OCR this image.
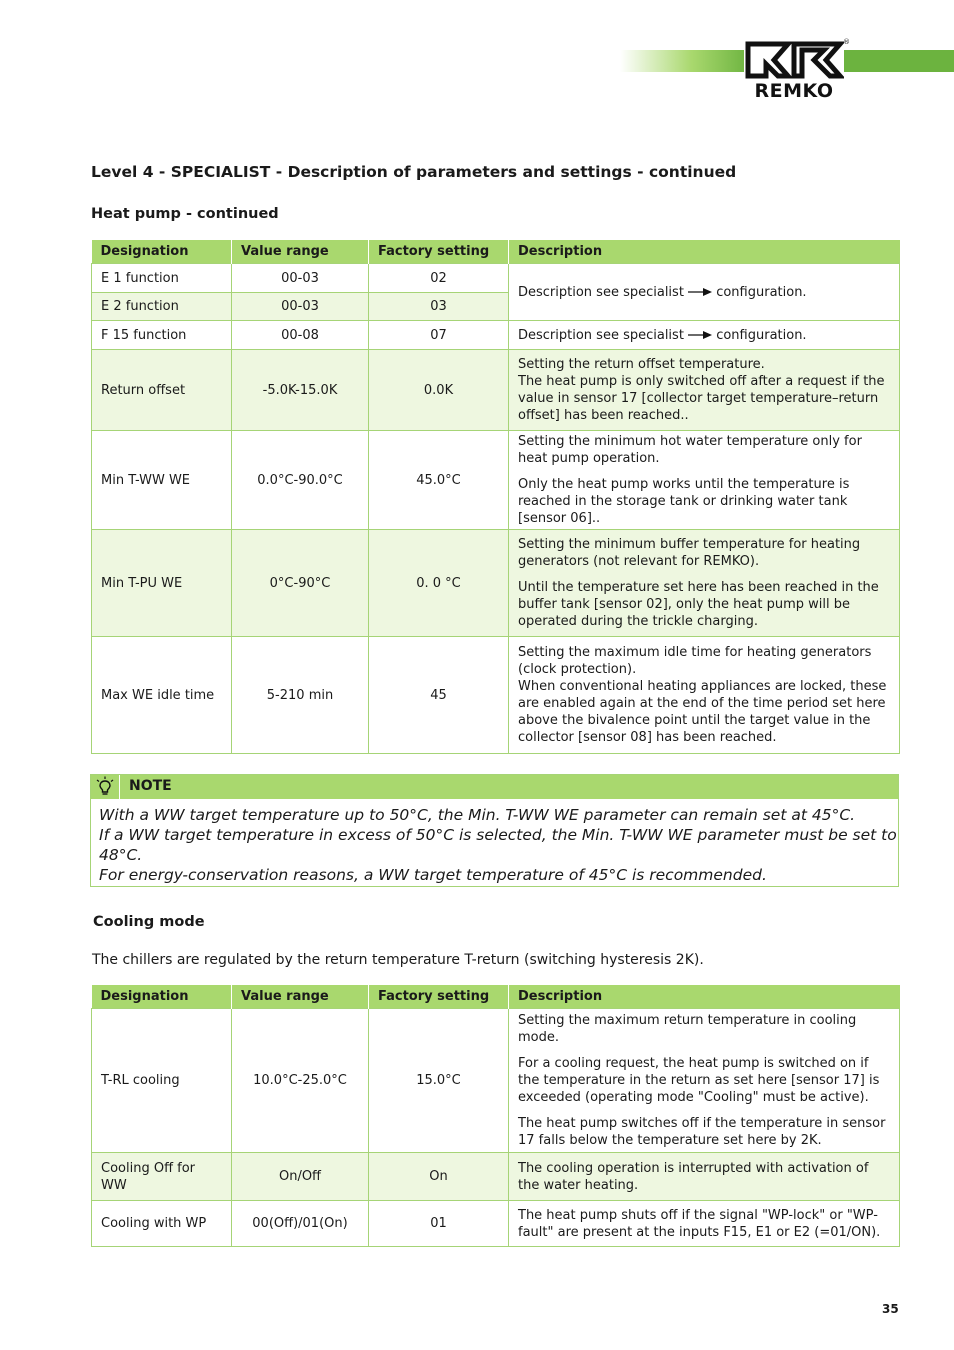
REMKO
®
Level 4 - SPECIALIST - Description of parameters and settings - continued
Heat pump - continued
Designation	Value range	Factory setting	Description
E 1 function	00-03	02	Description see specialist configuration.
E 2 function	00-03	03	
F 15 function	00-08	07	Description see specialist configuration.
Return offset	-5.0K-15.0K	0.0K	Setting the return offset temperature.
The heat pump is only switched off after a request if the value in sensor 17 [collector target temperature–return offset] has been reached..
Min T-WW WE	0.0°C-90.0°C	45.0°C	Setting the minimum hot water temperature only for heat pump operation.

Only the heat pump works until the temperature is reached in the storage tank or drinking water tank [sensor 06]..

Min T-PU WE	0°C-90°C	0. 0 °C	Setting the minimum buffer temperature for heating generators (not relevant for REMKO).

Until the temperature set here has been reached in the buffer tank [sensor 02], only the heat pump will be operated during the trickle charging.

Max WE idle time	5-210 min	45	Setting the maximum idle time for heating generators (clock protection).
When conventional heating appliances are locked, these are enabled again at the end of the time period set here above the bivalence point until the target value in the collector [sensor 08] has been reached.
NOTE
With a WW target temperature up to 50°C, the Min. T-WW WE parameter can remain set at 45°C.
If a WW target temperature in excess of 50°C is selected, the Min. T-WW WE parameter must be set to 48°C.
For energy-conservation reasons, a WW target temperature of 45°C is recommended.
Cooling mode
The chillers are regulated by the return temperature T-return (switching hysteresis 2K).
Designation	Value range	Factory setting	Description
T-RL cooling	10.0°C-25.0°C	15.0°C	Setting the maximum return temperature in cooling mode.

For a cooling request, the heat pump is switched on if the temperature in the return as set here [sensor 17] is exceeded (operating mode "Cooling" must be active).

The heat pump switches off if the temperature in sensor 17 falls below the temperature set here by 2K.

Cooling Off for WW	On/Off	On	The cooling operation is interrupted with activation of the water heating.
Cooling with WP	00(Off)/01(On)	01	The heat pump shuts off if the signal "WP-lock" or "WP-fault" are present at the inputs F15, E1 or E2 (=01/ON).
35
